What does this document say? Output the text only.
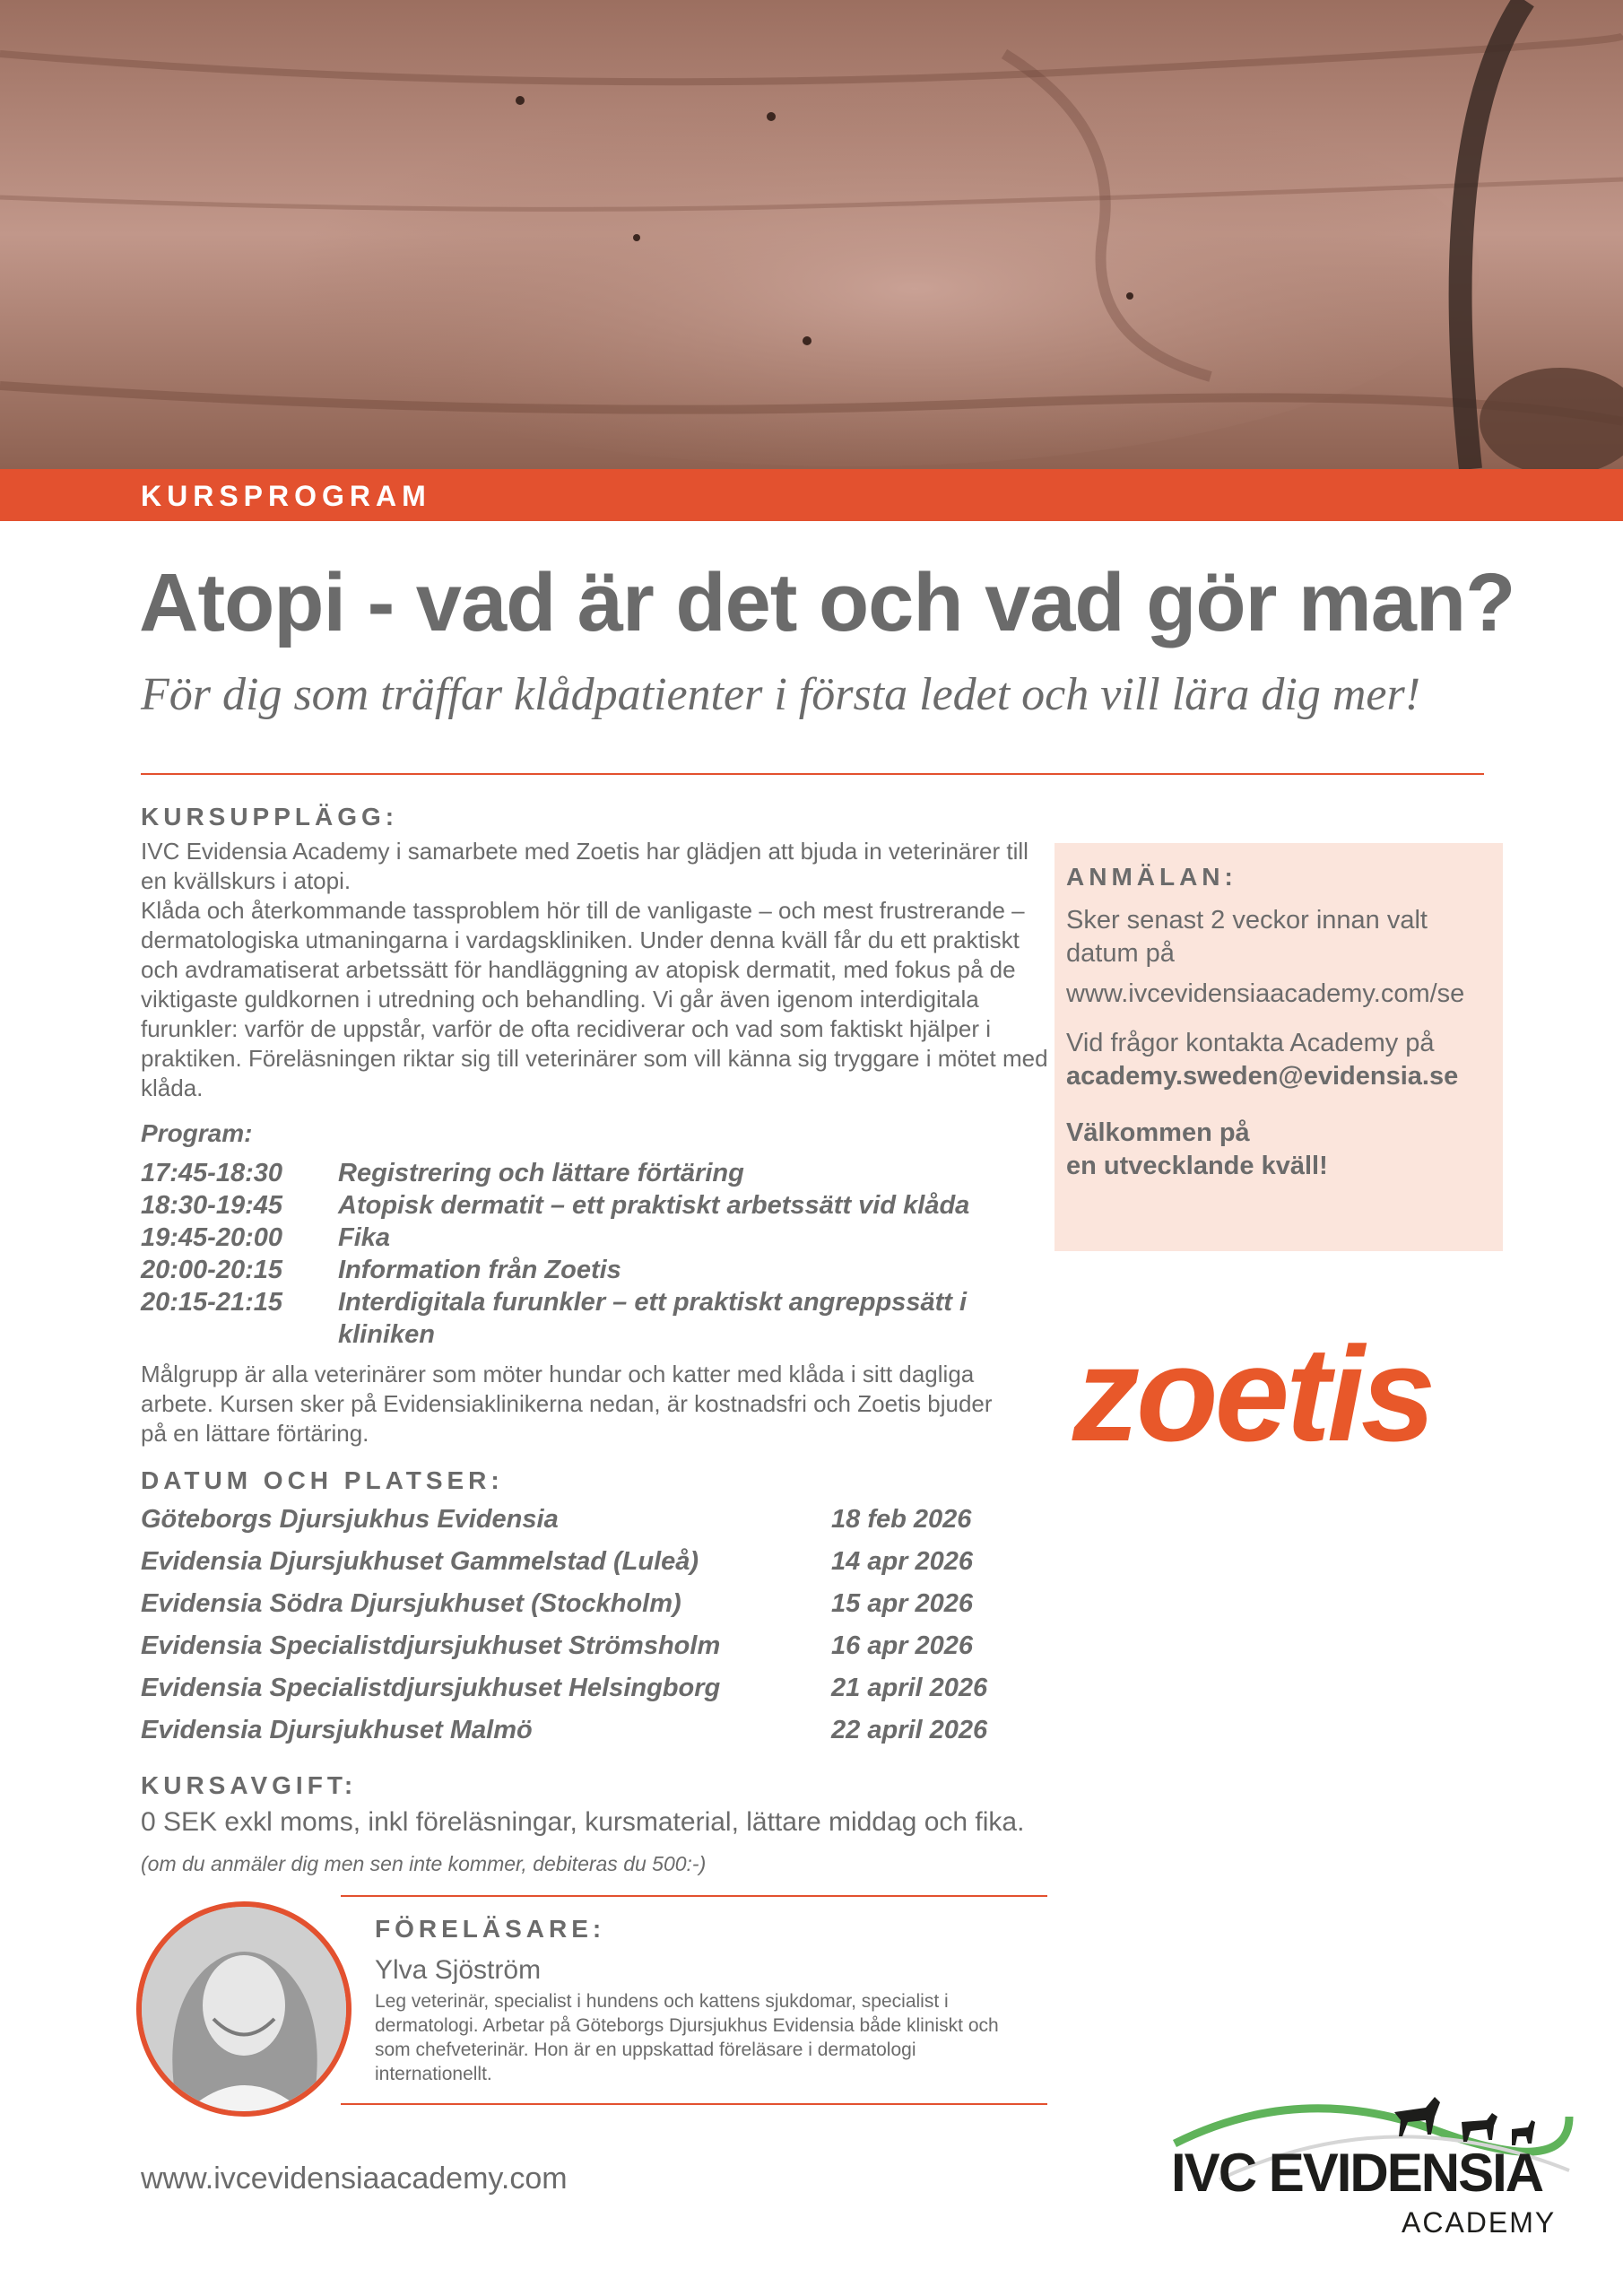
KURSPROGRAM
Atopi - vad är det och vad gör man?
För dig som träffar klådpatienter i första ledet och vill lära dig mer!
KURSUPPLÄGG:

IVC Evidensia Academy i samarbete med Zoetis har glädjen att bjuda in veterinärer till en kvällskurs i atopi.

Klåda och återkommande tassproblem hör till de vanligaste – och mest frustrerande – dermatologiska utmaningarna i vardagskliniken. Under denna kväll får du ett praktiskt och avdramatiserat arbetssätt för handläggning av atopisk dermatit, med fokus på de viktigaste guldkornen i utredning och behandling. Vi går även igenom interdigitala furunkler: varför de uppstår, varför de ofta recidiverar och vad som faktiskt hjälper i praktiken. Föreläsningen riktar sig till veterinärer som vill känna sig tryggare i mötet med klåda.

Program:
17:45-18:30	Registrering och lättare förtäring
18:30-19:45	Atopisk dermatit – ett praktiskt arbetssätt vid klåda
19:45-20:00	Fika
20:00-20:15	Information från Zoetis
20:15-21:15	Interdigitala furunkler – ett praktiskt angreppssätt i kliniken
Målgrupp är alla veterinärer som möter hundar och katter med klåda i sitt dagliga arbete. Kursen sker på Evidensiaklinikerna nedan, är kostnadsfri och Zoetis bjuder på en lättare förtäring.
DATUM OCH PLATSER:
Göteborgs Djursjukhus Evidensia	18 feb 2026
Evidensia Djursjukhuset Gammelstad (Luleå)	14 apr 2026
Evidensia Södra Djursjukhuset (Stockholm)	15 apr 2026
Evidensia Specialistdjursjukhuset Strömsholm	16 apr 2026
Evidensia Specialistdjursjukhuset Helsingborg	21 april 2026
Evidensia Djursjukhuset Malmö	22 april 2026
KURSAVGIFT:
0 SEK exkl moms, inkl föreläsningar, kursmaterial, lättare middag och fika.
(om du anmäler dig men sen inte kommer, debiteras du 500:-)
ANMÄLAN:

Sker senast 2 veckor innan valt datum på
www.ivcevidensiaacademy.com/se

Vid frågor kontakta Academy på
academy.sweden@evidensia.se

Välkommen på
en utvecklande kväll!

zoetis
FÖRELÄSARE:
Ylva Sjöström
Leg veterinär, specialist i hundens och kattens sjukdomar, specialist i dermatologi. Arbetar på Göteborgs Djursjukhus Evidensia både kliniskt och som chefveterinär. Hon är en uppskattad föreläsare i dermatologi internationellt.
www.ivcevidensiaacademy.com	IVC EVIDENSIA
ACADEMY
